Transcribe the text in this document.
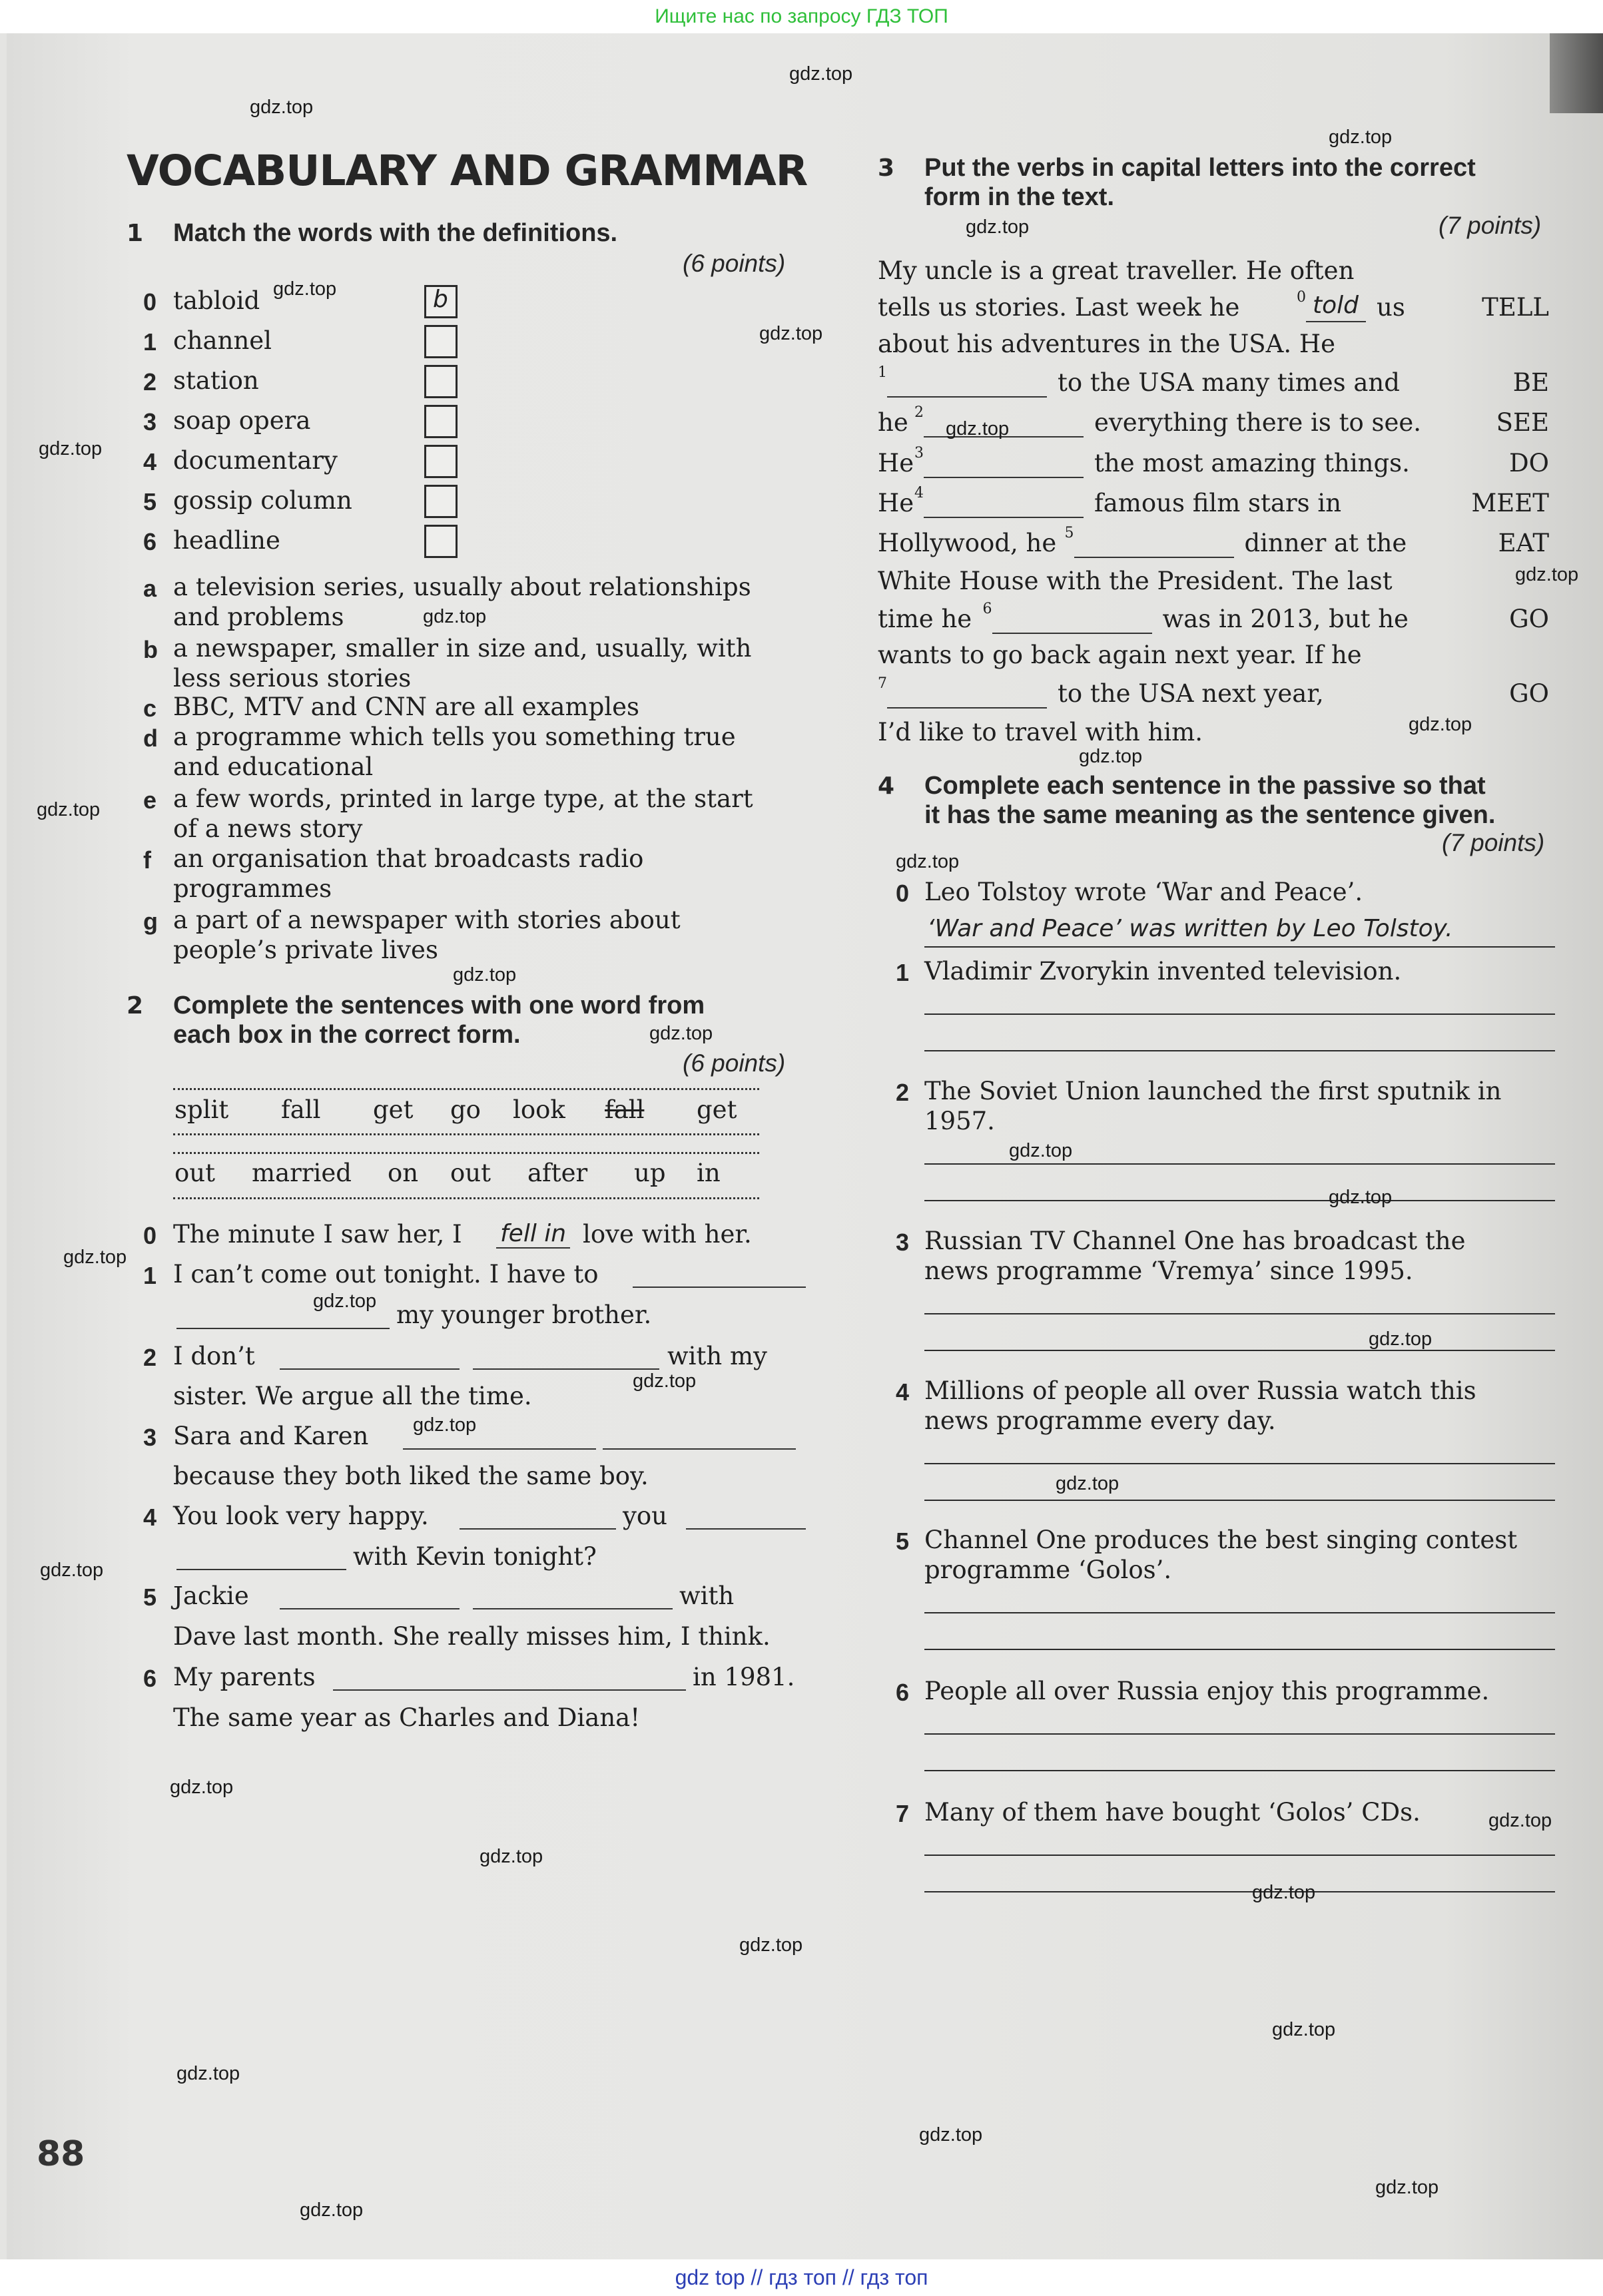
Ищите нас по запросу ГДЗ ТОП
VOCABULARY AND GRAMMAR
1 Match the words with the definitions.
(6 points)
0 tabloid	b
1 channel
2 station
3 soap opera
4 documentary
5 gossip column
6 headline
a a television series, usually about relationships
and problems
b a newspaper, smaller in size and, usually, with
less serious stories
c BBC, MTV and CNN are all examples
d a programme which tells you something true
and educational
e a few words, printed in large type, at the start
of a news story
f an organisation that broadcasts radio
programmes
g a part of a newspaper with stories about
people’s private lives
2 Complete the sentences with one word from
each box in the correct form.
(6 points)
split fall get go look fall get
out married on out after up in
0 The minute I saw her, I fell in love with her.
1 I can’t come out tonight. I have to
my younger brother.
2 I don’t	with my
sister. We argue all the time.
3 Sara and Karen
because they both liked the same boy.
4 You look very happy.	you
with Kevin tonight?
5 Jackie	with
Dave last month. She really misses him, I think.
6 My parents	in 1981.
The same year as Charles and Diana!
3 Put the verbs in capital letters into the correct
form in the text.
(7 points)
My uncle is a great traveller. He often
tells us stories. Last week he	0 told us	TELL
about his adventures in the USA. He
1	to the USA many times and	BE
he 2	everything there is to see.	SEE
He 3	the most amazing things.	DO
He 4	famous film stars in	MEET
Hollywood, he 5	dinner at the	EAT
White House with the President. The last
time he 6	was in 2013, but he	GO
wants to go back again next year. If he
7	to the USA next year,	GO
I’d like to travel with him.
4 Complete each sentence in the passive so that
it has the same meaning as the sentence given.
(7 points)
0 Leo Tolstoy wrote ‘War and Peace’.
‘War and Peace’ was written by Leo Tolstoy.
1 Vladimir Zvorykin invented television.
2 The Soviet Union launched the first sputnik in
1957.
3 Russian TV Channel One has broadcast the
news programme ‘Vremya’ since 1995.
4 Millions of people all over Russia watch this
news programme every day.
5 Channel One produces the best singing contest
programme ‘Golos’.
6 People all over Russia enjoy this programme.
7 Many of them have bought ‘Golos’ CDs.
88
gdz.top
gdz.top
gdz.top
gdz.top
gdz.top
gdz.top
gdz.top
gdz.top
gdz.top
gdz.top
gdz.top
gdz.top
gdz.top
gdz.top
gdz.top
gdz.top
gdz.top
gdz.top
gdz.top
gdz.top
gdz.top
gdz.top
gdz.top
gdz.top
gdz.top
gdz.top
gdz.top
gdz.top
gdz.top
gdz.top
gdz.top
gdz.top
gdz.top
gdz.top
gdz.top
gdz top // гдз топ // гдз топ
